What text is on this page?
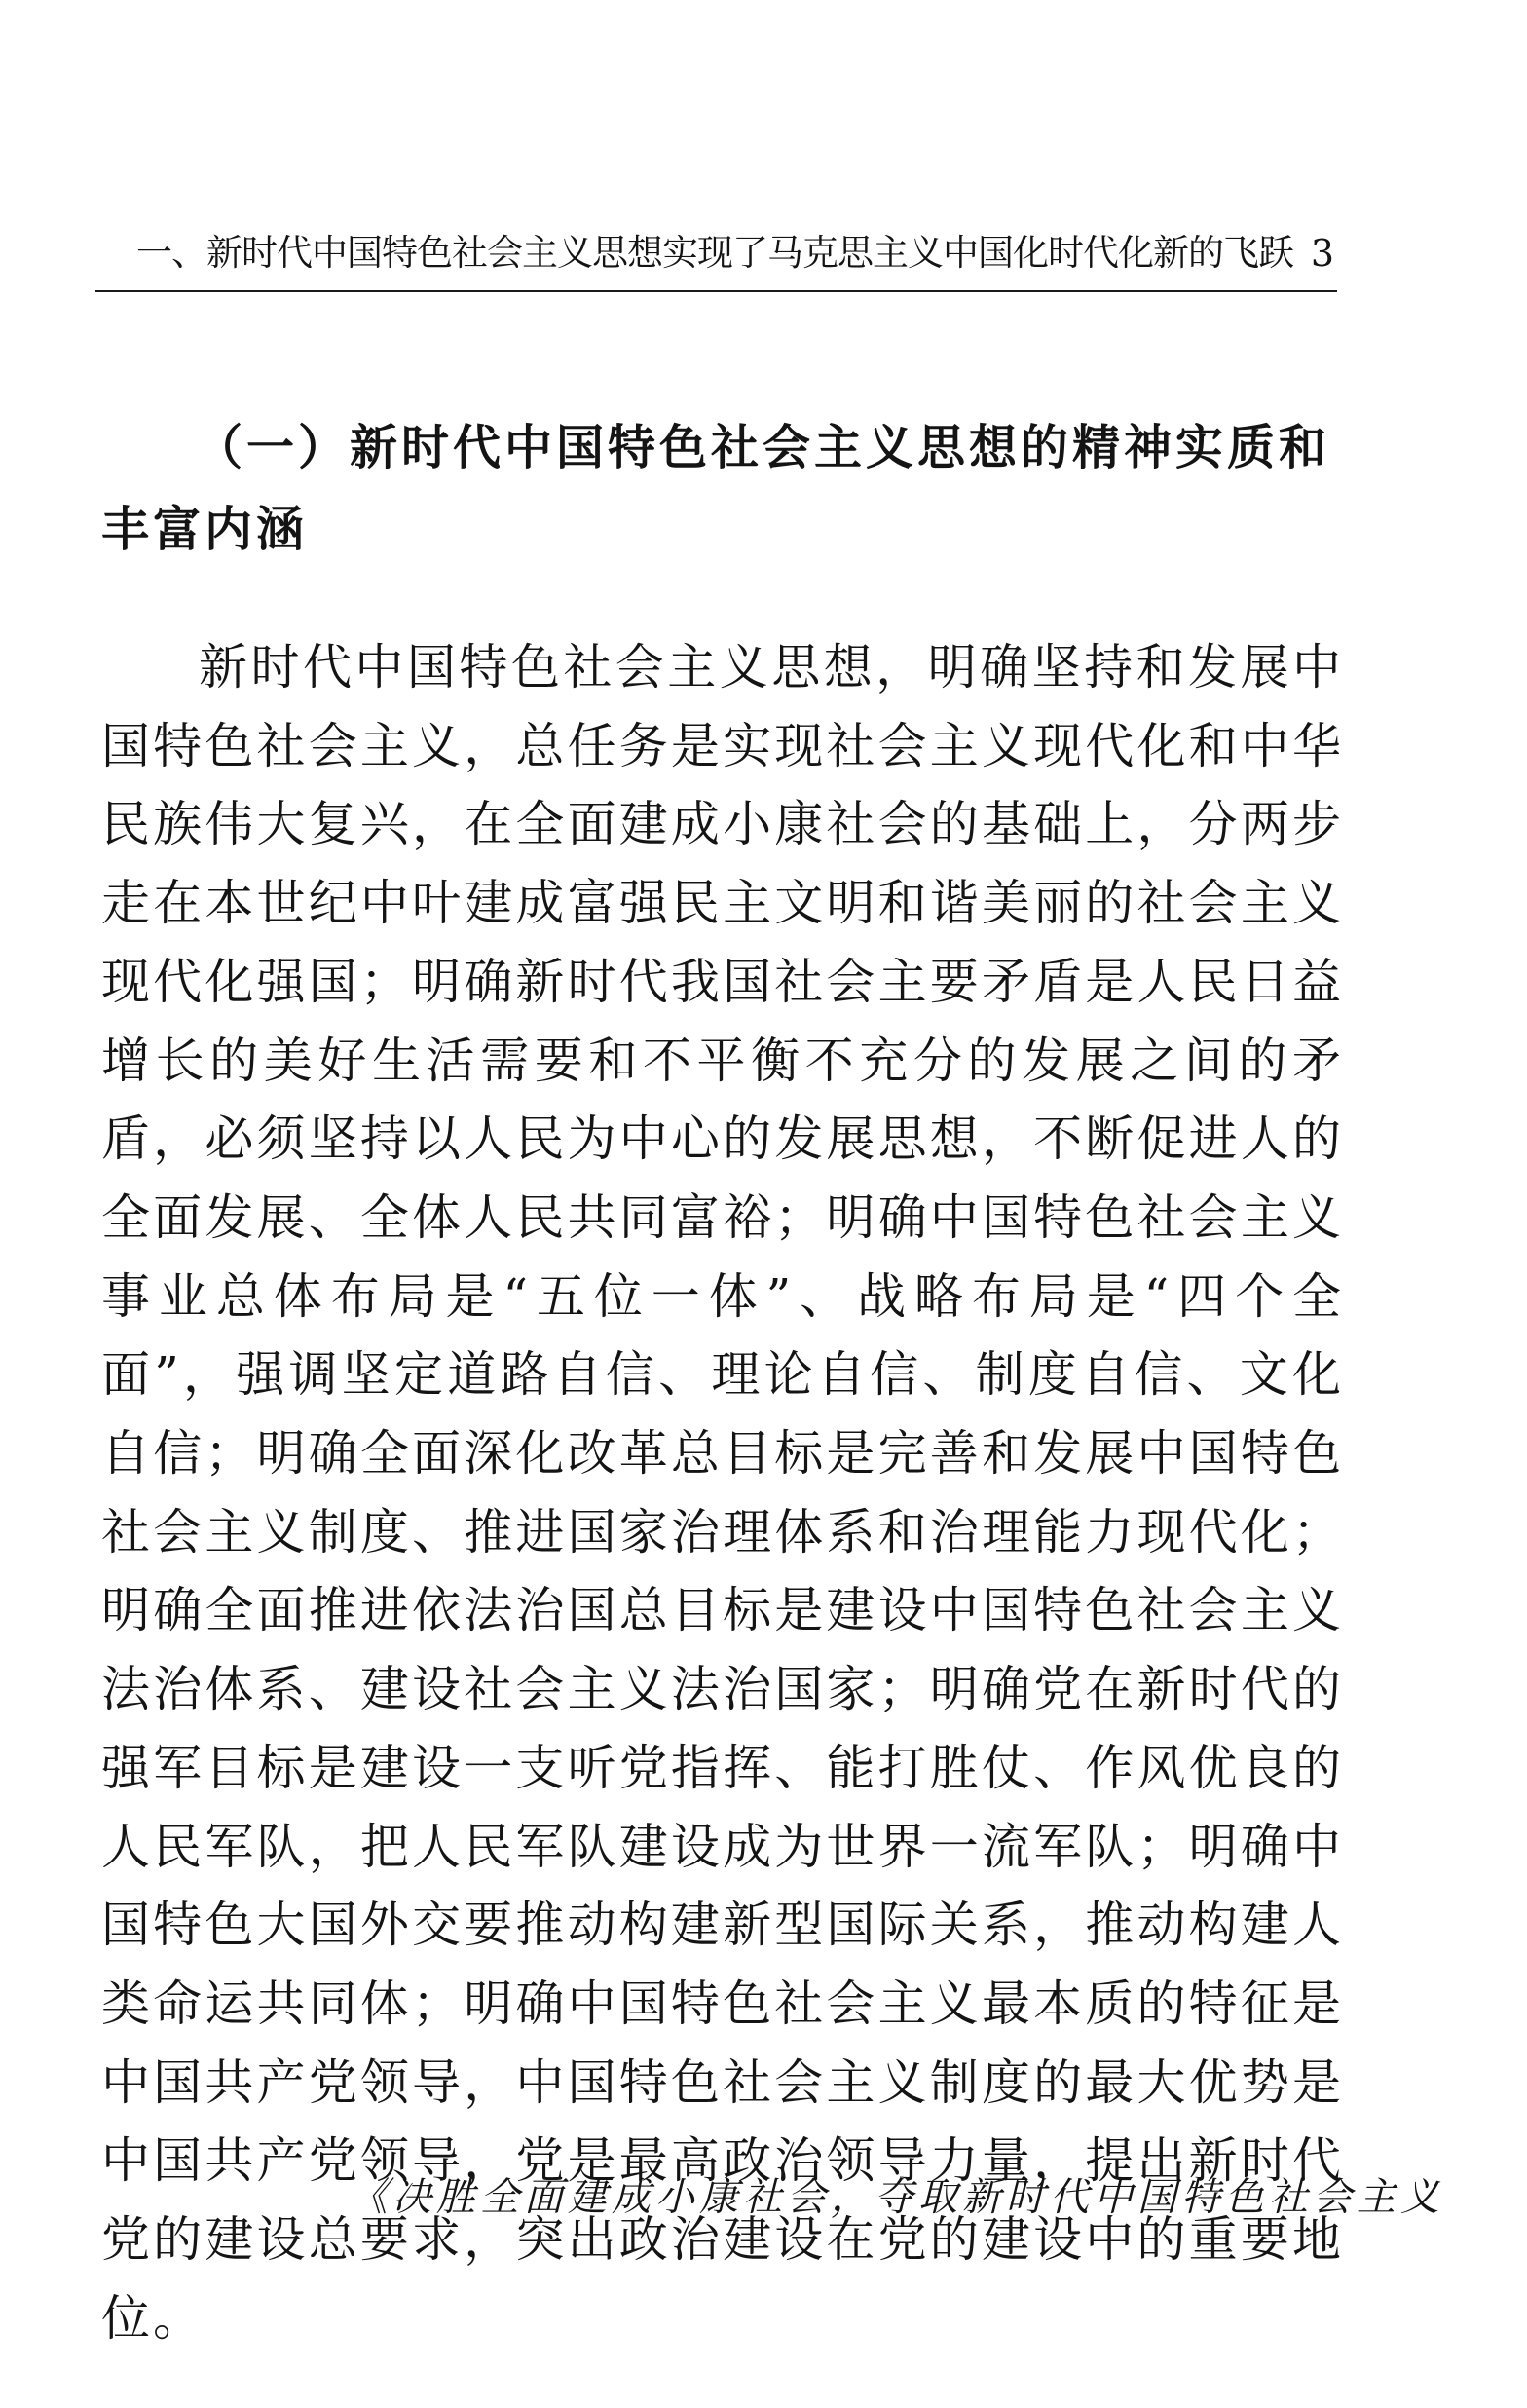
一、新时代中国特色社会主义思想实现了马克思主义中国化时代化新的飞跃 3
（一）新时代中国特色社会主义思想的精神实质和丰富内涵
新时代中国特色社会主义思想，明确坚持和发展中国特色社会主义，总任务是实现社会主义现代化和中华民族伟大复兴，在全面建成小康社会的基础上，分两步走在本世纪中叶建成富强民主文明和谐美丽的社会主义现代化强国；明确新时代我国社会主要矛盾是人民日益增长的美好生活需要和不平衡不充分的发展之间的矛盾，必须坚持以人民为中心的发展思想，不断促进人的全面发展、全体人民共同富裕；明确中国特色社会主义事业总体布局是“五位一体”、战略布局是“四个全面”，强调坚定道路自信、理论自信、制度自信、文化自信；明确全面深化改革总目标是完善和发展中国特色社会主义制度、推进国家治理体系和治理能力现代化；明确全面推进依法治国总目标是建设中国特色社会主义法治体系、建设社会主义法治国家；明确党在新时代的强军目标是建设一支听党指挥、能打胜仗、作风优良的人民军队，把人民军队建设成为世界一流军队；明确中国特色大国外交要推动构建新型国际关系，推动构建人类命运共同体；明确中国特色社会主义最本质的特征是中国共产党领导，中国特色社会主义制度的最大优势是中国共产党领导，党是最高政治领导力量，提出新时代党的建设总要求，突出政治建设在党的建设中的重要地位。
《决胜全面建成小康社会，夺取新时代中国特色社会主义
